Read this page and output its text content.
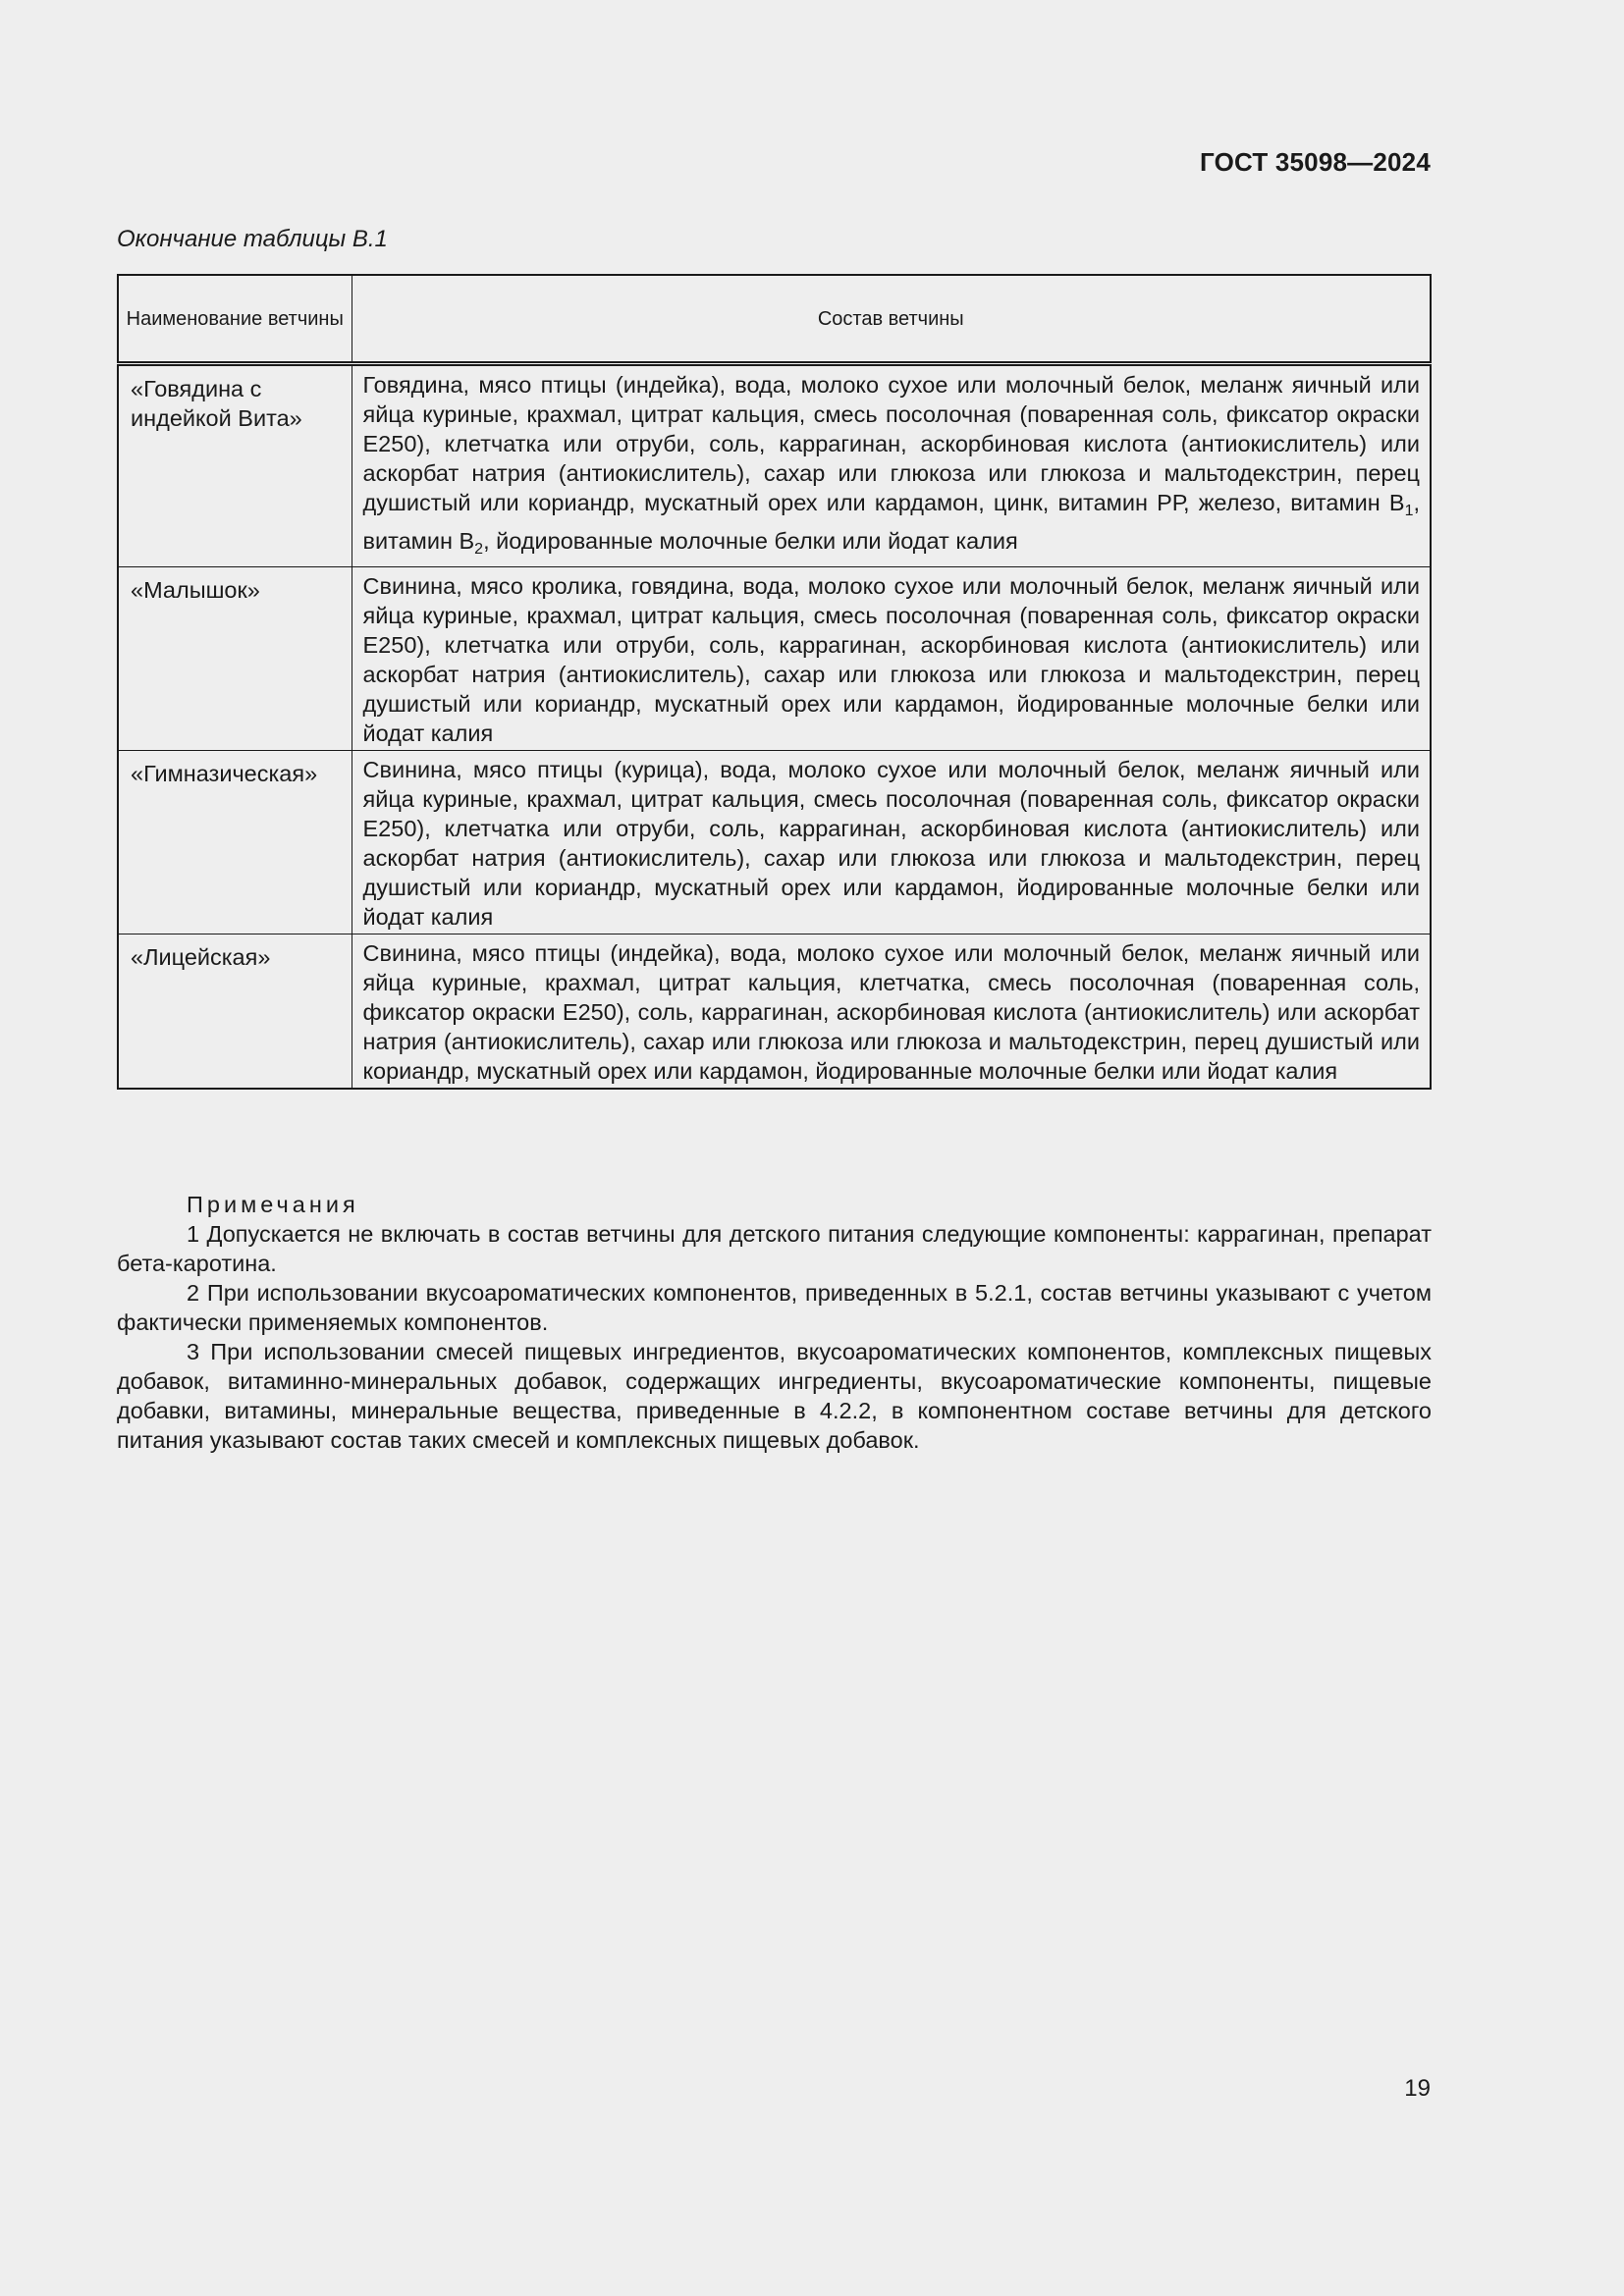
ГОСТ 35098—2024
Окончание таблицы В.1
Наименование ветчины	Состав ветчины
«Говядина с индейкой Вита»	Говядина, мясо птицы (индейка), вода, молоко сухое или молочный белок, меланж яичный или яйца куриные, крахмал, цитрат кальция, смесь посолочная (поваренная соль, фиксатор окраски Е250), клетчатка или отруби, соль, каррагинан, аскорбиновая кислота (антиокислитель) или аскорбат натрия (антиокислитель), сахар или глюкоза или глюкоза и мальтодекстрин, перец душистый или кориандр, мускатный орех или кардамон, цинк, витамин РР, железо, витамин $В_1$, витамин $В_2$, йодированные молочные белки или йодат калия
«Малышок»	Свинина, мясо кролика, говядина, вода, молоко сухое или молочный белок, меланж яичный или яйца куриные, крахмал, цитрат кальция, смесь посолочная (поваренная соль, фиксатор окраски Е250), клетчатка или отруби, соль, каррагинан, аскорбиновая кислота (антиокислитель) или аскорбат натрия (антиокислитель), сахар или глюкоза или глюкоза и мальтодекстрин, перец душистый или кориандр, мускатный орех или кардамон, йодированные молочные белки или йодат калия
«Гимназическая»	Свинина, мясо птицы (курица), вода, молоко сухое или молочный белок, меланж яичный или яйца куриные, крахмал, цитрат кальция, смесь посолочная (поваренная соль, фиксатор окраски Е250), клетчатка или отруби, соль, каррагинан, аскорбиновая кислота (антиокислитель) или аскорбат натрия (антиокислитель), сахар или глюкоза или глюкоза и мальтодекстрин, перец душистый или кориандр, мускатный орех или кардамон, йодированные молочные белки или йодат калия
«Лицейская»	Свинина, мясо птицы (индейка), вода, молоко сухое или молочный белок, меланж яичный или яйца куриные, крахмал, цитрат кальция, клетчатка, смесь посолочная (поваренная соль, фиксатор окраски Е250), соль, каррагинан, аскорбиновая кислота (антиокислитель) или аскорбат натрия (антиокислитель), сахар или глюкоза или глюкоза и мальтодекстрин, перец душистый или кориандр, мускатный орех или кардамон, йодированные молочные белки или йодат калия
Примечания
1 Допускается не включать в состав ветчины для детского питания следующие компоненты: каррагинан, препарат бета-каротина.
2 При использовании вкусоароматических компонентов, приведенных в 5.2.1, состав ветчины указывают с учетом фактически применяемых компонентов.
3 При использовании смесей пищевых ингредиентов, вкусоароматических компонентов, комплексных пищевых добавок, витаминно-минеральных добавок, содержащих ингредиенты, вкусоароматические компоненты, пищевые добавки, витамины, минеральные вещества, приведенные в 4.2.2, в компонентном составе ветчины для детского питания указывают состав таких смесей и комплексных пищевых добавок.
19
